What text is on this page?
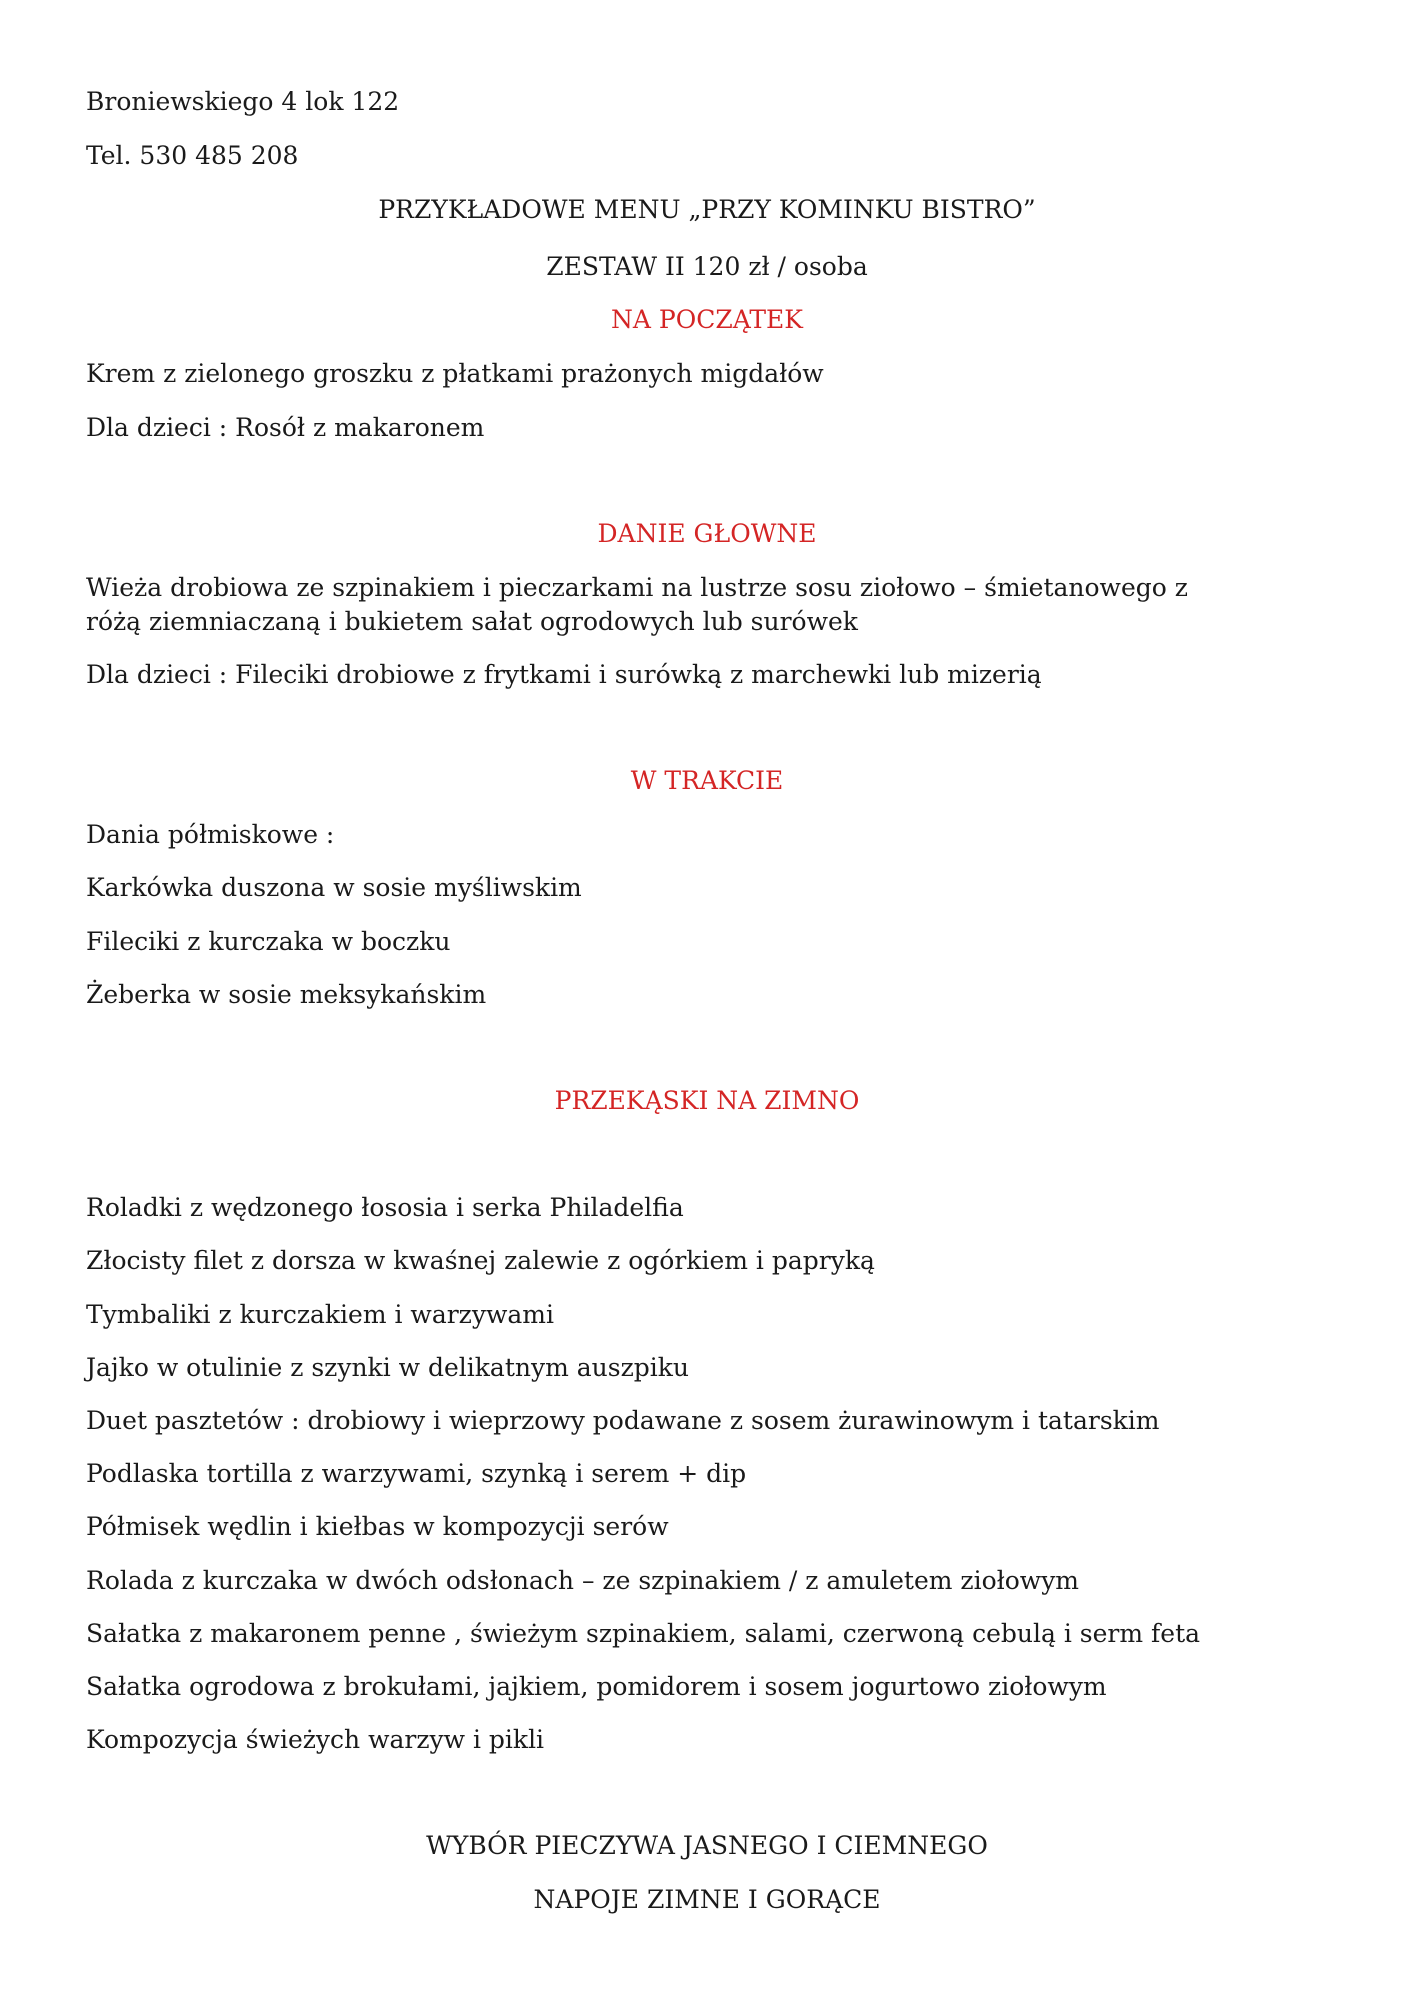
Broniewskiego 4 lok 122
Tel. 530 485 208
PRZYKŁADOWE MENU „PRZY KOMINKU BISTRO”
ZESTAW II 120 zł / osoba
NA POCZĄTEK
Krem z zielonego groszku z płatkami prażonych migdałów
Dla dzieci : Rosół z makaronem
DANIE GŁOWNE
Wieża drobiowa ze szpinakiem i pieczarkami na lustrze sosu ziołowo – śmietanowego z różą ziemniaczaną i bukietem sałat ogrodowych lub surówek
Dla dzieci : Fileciki drobiowe z frytkami i surówką z marchewki lub mizerią
W TRAKCIE
Dania półmiskowe :
Karkówka duszona w sosie myśliwskim
Fileciki z kurczaka w boczku
Żeberka w sosie meksykańskim
PRZEKĄSKI NA ZIMNO
Roladki z wędzonego łososia i serka Philadelfia
Złocisty filet z dorsza w kwaśnej zalewie z ogórkiem i papryką
Tymbaliki z kurczakiem i warzywami
Jajko w otulinie z szynki w delikatnym auszpiku
Duet pasztetów : drobiowy i wieprzowy podawane z sosem żurawinowym i tatarskim
Podlaska tortilla z warzywami, szynką i serem + dip
Półmisek wędlin i kiełbas w kompozycji serów
Rolada z kurczaka w dwóch odsłonach – ze szpinakiem / z amuletem ziołowym
Sałatka z makaronem penne , świeżym szpinakiem, salami, czerwoną cebulą i serm feta
Sałatka ogrodowa z brokułami, jajkiem, pomidorem i sosem jogurtowo ziołowym
Kompozycja świeżych warzyw i pikli
WYBÓR PIECZYWA JASNEGO I CIEMNEGO
NAPOJE ZIMNE I GORĄCE
